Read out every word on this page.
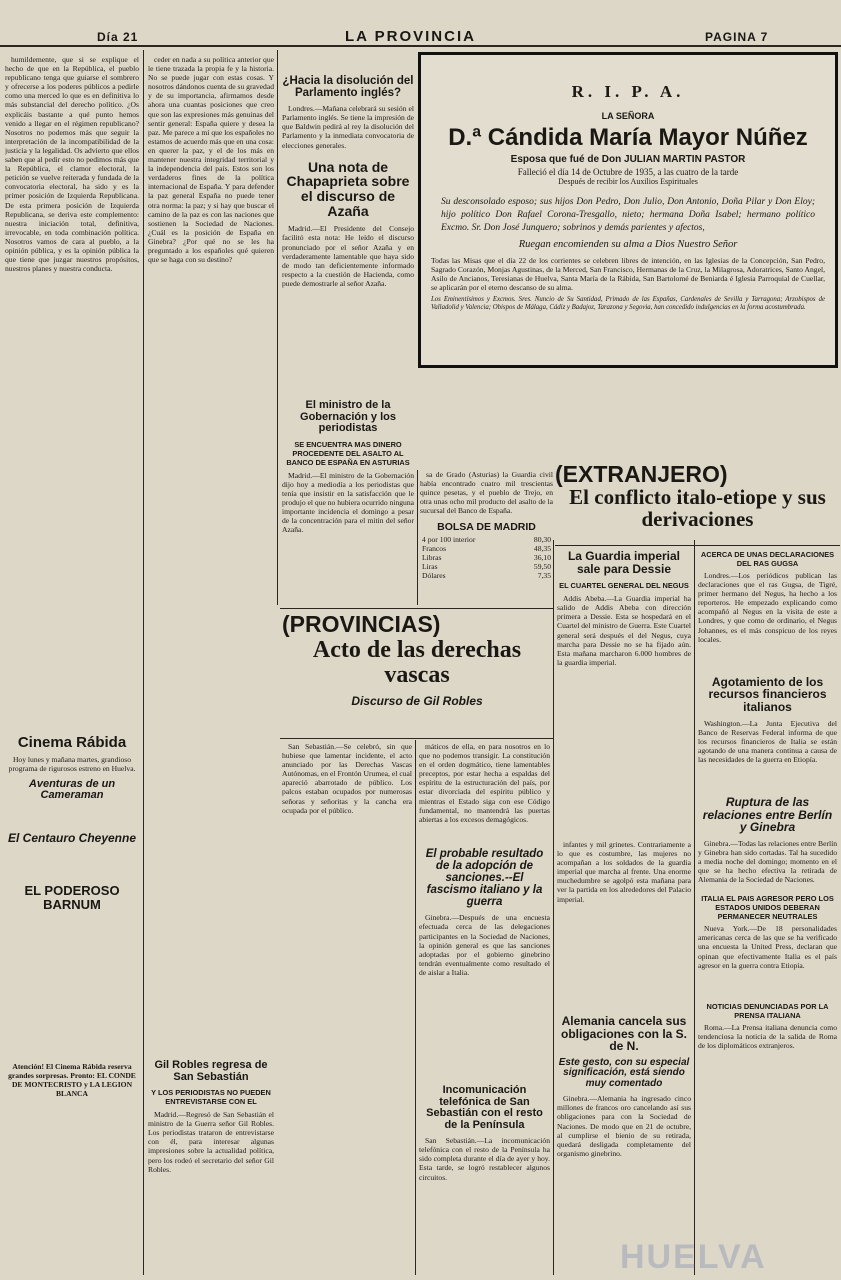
Día 21	LA PROVINCIA	PAGINA 7

humildemente, que si se explique el hecho de que en la República, el pueblo republicano tenga que guiarse el sombrero y ofrecerse a los poderes públicos a pedirle como una merced lo que es en definitiva lo más substancial del derecho político. ¿Os explicáis bastante a qué punto hemos venido a llegar en el régimen republicano? Nosotros no podemos más que seguir la interpretación de la incompatibilidad de la justicia y la legalidad. Os advierto que ellos saben que al pedir esto no pedimos más que la República, el clamor electoral, la petición se vuelve reiterada y fundada de la convocatoria electoral, ha sido y es la primer posición de Izquierda Republicana. De esta primera posición de Izquierda Republicana, se deriva este complemento: nuestra iniciación total, definitiva, irrevocable, en toda combinación política. Nosotros vamos de cara al pueblo, a la opinión pública, y es la opinión pública la que tiene que juzgar nuestros propósitos, nuestros planes y nuestra conducta.

Cinema Rábida
Hoy lunes y mañana martes, grandioso programa de rigurosos estreno en Huelva.
Aventuras de un Cameraman
El Centauro Cheyenne
EL PODEROSO BARNUM
Atención! El Cinema Rábida reserva grandes sorpresas. Pronto: EL CONDE DE MONTECRISTO y LA LEGION BLANCA

ceder en nada a su política anterior que le tiene trazada la propia fe y la historia. No se puede jugar con estas cosas. Y nosotros dándonos cuenta de su gravedad y de su importancia, afirmamos desde ahora una cuantas posiciones que creo que son las expresiones más genuinas del sentir general: España quiere y desea la paz. Me parece a mí que los españoles no estamos de acuerdo más que en una cosa: en querer la paz, y el de los más en mantener nuestra integridad territorial y la independencia del país. Estos son los verdaderos fines de la política internacional de España. Y para defender la paz general España no puede tener otra norma: la paz; y si hay que buscar el camino de la paz es con las naciones que sostienen la Sociedad de Naciones. ¿Cuál es la posición de España en Ginebra? ¿Por qué no se les ha preguntado a los españoles qué quieren que se haga con su destino?

Gil Robles regresa de San Sebastián
Y LOS PERIODISTAS NO PUEDEN ENTREVISTARSE CON EL

Madrid.—Regresó de San Sebastián el ministro de la Guerra señor Gil Robles. Los periodistas trataron de entrevistarse con él, para interesar algunas impresiones sobre la actualidad política, pero los rodeó el secretario del señor Gil Robles.

¿Hacia la disolución del Parlamento inglés?

Londres.—Mañana celebrará su sesión el Parlamento inglés. Se tiene la impresión de que Baldwin pedirá al rey la disolución del Parlamento y la inmediata convocatoria de elecciones generales.

Una nota de Chapaprieta sobre el discurso de Azaña

Madrid.—El Presidente del Consejo facilitó esta nota: He leído el discurso pronunciado por el señor Azaña y en verdaderamente lamentable que haya sido de modo tan deficientemente informado respecto a la cuestión de Hacienda, como puede demostrarle al señor Azaña.

El ministro de la Gobernación y los periodistas
SE ENCUENTRA MAS DINERO PROCEDENTE DEL ASALTO AL BANCO DE ESPAÑA EN ASTURIAS

Madrid.—El ministro de la Gobernación dijo hoy a mediodía a los periodistas que tenía que insistir en la satisfacción que le produjo el que no hubiera ocurrido ninguna importante incidencia el domingo a pesar de la concentración para el mitin del señor Azaña.

R. I. P. A.
LA SEÑORA
D.ª Cándida María Mayor Núñez
Esposa que fué de Don JULIAN MARTIN PASTOR
Falleció el día 14 de Octubre de 1935, a las cuatro de la tarde
Después de recibir los Auxilios Espirituales
Su desconsolado esposo; sus hijos Don Pedro, Don Julio, Don Antonio, Doña Pilar y Don Eloy; hijo político Don Rafael Corona-Tresgallo, nieto; hermana Doña Isabel; hermano político Excmo. Sr. Don José Junquero; sobrinos y demás parientes y afectos,
Ruegan encomienden su alma a Dios Nuestro Señor
Todas las Misas que el día 22 de los corrientes se celebren libres de intención, en las Iglesias de la Concepción, San Pedro, Sagrado Corazón, Monjas Agustinas, de la Merced, San Francisco, Hermanas de la Cruz, la Milagrosa, Adoratrices, Santo Angel, Asilo de Ancianos, Teresianas de Huelva, Santa María de la Rábida, San Bartolomé de Beniarda é Iglesia Parroquial de Cuellar, se aplicarán por el eterno descanso de su alma.
Los Eminentísimos y Excmos. Sres. Nuncio de Su Santidad, Primado de las Españas, Cardenales de Sevilla y Tarragona; Arzobispos de Valladolid y Valencia; Obispos de Málaga, Cádiz y Badajoz, Tarazona y Segovia, han concedido indulgencias en la forma acostumbrada.

sa de Grado (Asturias) la Guardia civil había encontrado cuatro mil trescientas quince pesetas, y el pueblo de Trejo, en otra unas ocho mil producto del asalto de la sucursal del Banco de España.

BOLSA DE MADRID
4 por 100 interior	80,30
Francos	48,35
Libras	36,10
Liras	59,50
Dólares	7,35
(EXTRANJERO)
El conflicto italo-etiope y sus derivaciones
La Guardia imperial sale para Dessie
EL CUARTEL GENERAL DEL NEGUS

Addis Abeba.—La Guardia imperial ha salido de Addis Abeba con dirección primera a Dessie. Esta se hospedará en el Cuartel del ministro de Guerra. Este Cuartel general será después el del Negus, cuya marcha para Dessie no se ha fijado aún. Esta mañana marcharon 6.000 hombres de la guardia imperial.

ACERCA DE UNAS DECLARACIONES DEL RAS GUGSA

Londres.—Los periódicos publican las declaraciones que el ras Gugsa, de Tigré, primer hermano del Negus, ha hecho a los reporteros. He empezado explicando como acompañó al Negus en la visita de este a Londres, y que como de ordinario, el Negus Johannes, es el más conspicuo de los reyes locales.

Agotamiento de los recursos financieros italianos

Washington.—La Junta Ejecutiva del Banco de Reservas Federal informa de que los recursos financieros de Italia se están agotando de una manera continua a causa de las necesidades de la guerra en Etiopía.

Ruptura de las relaciones entre Berlín y Ginebra

Ginebra.—Todas las relaciones entre Berlín y Ginebra han sido cortadas. Tal ha sucedido a media noche del domingo; momento en el que se ha hecho efectiva la retirada de Alemania de la Sociedad de Naciones.

ITALIA EL PAIS AGRESOR PERO LOS ESTADOS UNIDOS DEBERAN PERMANECER NEUTRALES

Nueva York.—De 18 personalidades americanas cerca de las que se ha verificado una encuesta la United Press, declaran que opinan que efectivamente Italia es el país agresor en la guerra contra Etiopía.

NOTICIAS DENUNCIADAS POR LA PRENSA ITALIANA

Roma.—La Prensa italiana denuncia como tendenciosa la noticia de la salida de Roma de los diplomáticos extranjeros.

(PROVINCIAS)
Acto de las derechas vascas
Discurso de Gil Robles

San Sebastián.—Se celebró, sin que hubiese que lamentar incidente, el acto anunciado por las Derechas Vascas Autónomas, en el Frontón Urumea, el cual apareció abarrotado de público. Los palcos estaban ocupados por numerosas señoras y señoritas y la cancha era ocupada por el público.

máticos de ella, en para nosotros en lo que no podemos transigir. La constitución en el orden dogmático, tiene lamentables preceptos, por estar hecha a espaldas del espíritu de la estructuración del país, por estar divorciada del espíritu público y mientras el Estado siga con ese Código fundamental, no mantendrá las puertas abiertas a los excesos demagógicos.

El probable resultado de la adopción de sanciones.--El fascismo italiano y la guerra

Ginebra.—Después de una encuesta efectuada cerca de las delegaciones participantes en la Sociedad de Naciones, la opinión general es que las sanciones adoptadas por el gobierno ginebrino tendrán eventualmente como resultado el de aislar a Italia.

Incomunicación telefónica de San Sebastián con el resto de la Península

San Sebastián.—La incomunicación telefónica con el resto de la Península ha sido completa durante el día de ayer y hoy. Esta tarde, se logró restablecer algunos circuitos.

infantes y mil grinetes. Contrariamente a lo que es costumbre, las mujeres no acompañan a los soldados de la guardia imperial que marcha al frente. Una enorme muchedumbre se agolpó esta mañana para ver la partida en los alrededores del Palacio imperial.

Alemania cancela sus obligaciones con la S. de N.
Este gesto, con su especial significación, está siendo muy comentado

Ginebra.—Alemania ha ingresado cinco millones de francos oro cancelando así sus obligaciones para con la Sociedad de Naciones. De modo que en 21 de octubre, al cumplirse el bienio de su retirada, quedará desligada completamente del organismo ginebrino.

HUELVA
